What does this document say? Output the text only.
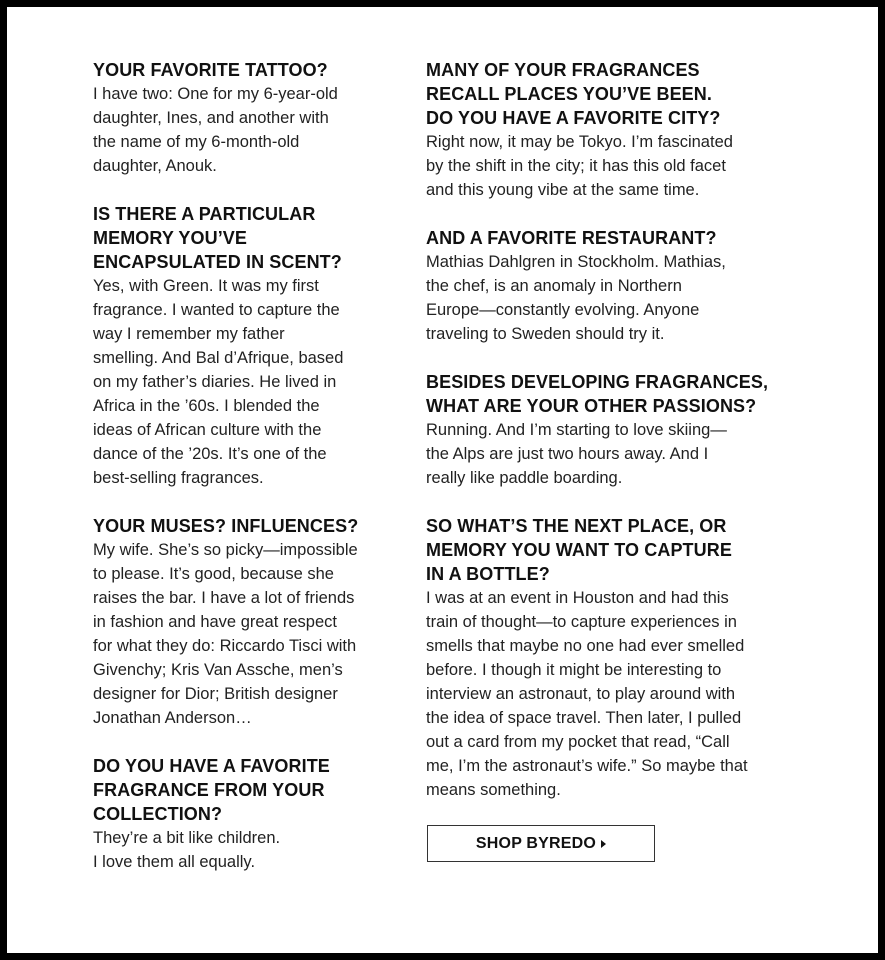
YOUR FAVORITE TATTOO?
I have two: One for my 6-year-old
daughter, Ines, and another with
the name of my 6-month-old
daughter, Anouk.
IS THERE A PARTICULAR
MEMORY YOU’VE
ENCAPSULATED IN SCENT?
Yes, with Green. It was my first
fragrance. I wanted to capture the
way I remember my father
smelling. And Bal d’Afrique, based
on my father’s diaries. He lived in
Africa in the ’60s. I blended the
ideas of African culture with the
dance of the ’20s. It’s one of the
best-selling fragrances.
YOUR MUSES? INFLUENCES?
My wife. She’s so picky—impossible
to please. It’s good, because she
raises the bar. I have a lot of friends
in fashion and have great respect
for what they do: Riccardo Tisci with
Givenchy; Kris Van Assche, men’s
designer for Dior; British designer
Jonathan Anderson…
DO YOU HAVE A FAVORITE
FRAGRANCE FROM YOUR
COLLECTION?
They’re a bit like children.
I love them all equally.
MANY OF YOUR FRAGRANCES
RECALL PLACES YOU’VE BEEN.
DO YOU HAVE A FAVORITE CITY?
Right now, it may be Tokyo. I’m fascinated
by the shift in the city; it has this old facet
and this young vibe at the same time.
AND A FAVORITE RESTAURANT?
Mathias Dahlgren in Stockholm. Mathias,
the chef, is an anomaly in Northern
Europe—constantly evolving. Anyone
traveling to Sweden should try it.
BESIDES DEVELOPING FRAGRANCES,
WHAT ARE YOUR OTHER PASSIONS?
Running. And I’m starting to love skiing—
the Alps are just two hours away. And I
really like paddle boarding.
SO WHAT’S THE NEXT PLACE, OR
MEMORY YOU WANT TO CAPTURE
IN A BOTTLE?
I was at an event in Houston and had this
train of thought—to capture experiences in
smells that maybe no one had ever smelled
before. I though it might be interesting to
interview an astronaut, to play around with
the idea of space travel. Then later, I pulled
out a card from my pocket that read, “Call
me, I’m the astronaut’s wife.” So maybe that
means something.
SHOP BYREDO
